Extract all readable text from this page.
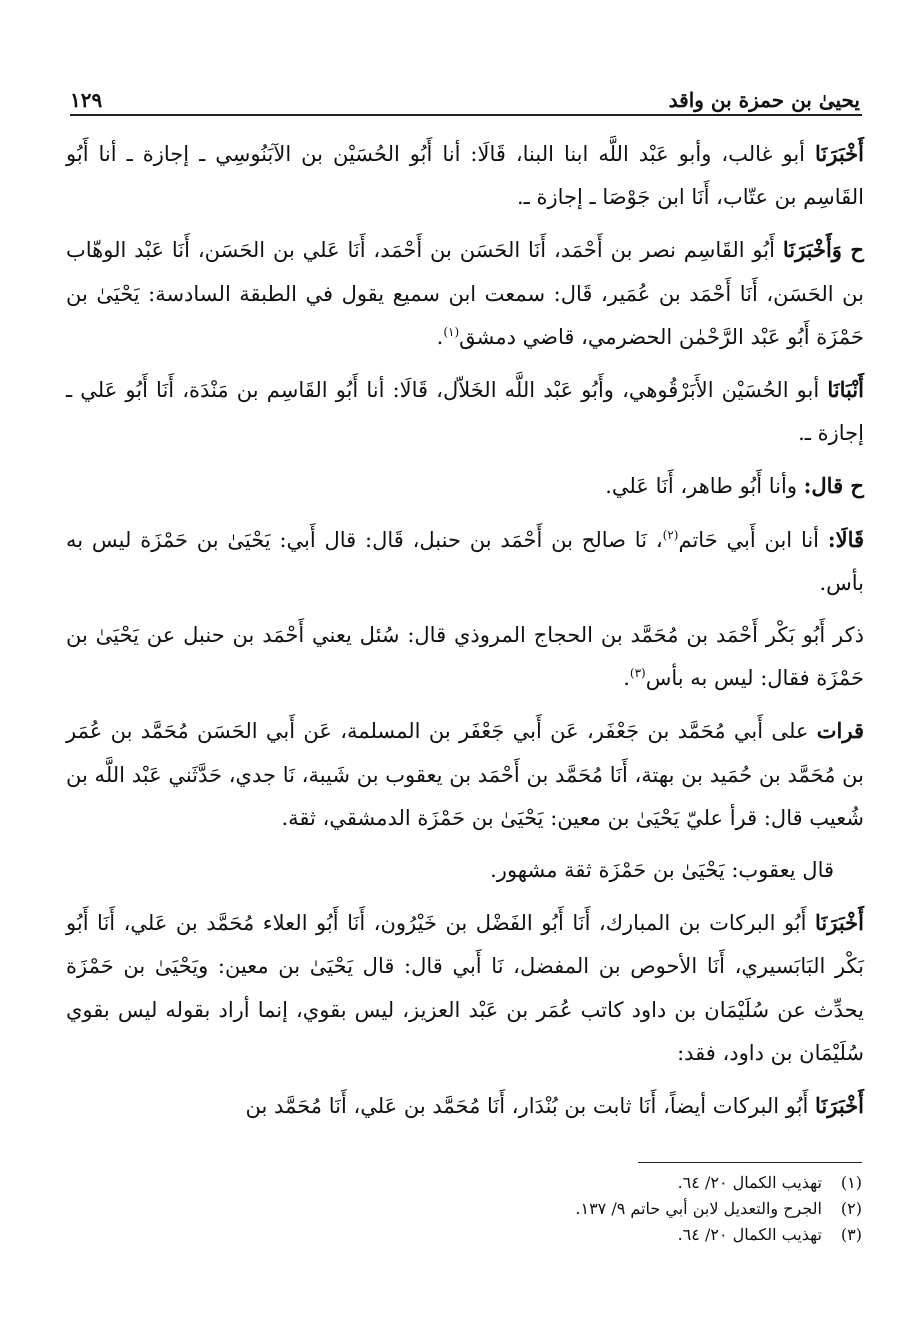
يحيىٰ بن حمزة بن واقد
١٢٩

أَخْبَرَنَا أبو غالب، وأبو عَبْد اللَّه ابنا البنا، قَالَا: أنا أَبُو الحُسَيْن بن الآبَنُوسِي ـ إجازة ـ أنا أَبُو القَاسِم بن عتّاب، أَنَا ابن جَوْصَا ـ إجازة ـ.

ح وَأَخْبَرَنَا أَبُو القَاسِم نصر بن أَحْمَد، أَنَا الحَسَن بن أَحْمَد، أَنَا عَلي بن الحَسَن، أَنَا عَبْد الوهّاب بن الحَسَن، أَنَا أَحْمَد بن عُمَير، قَال: سمعت ابن سميع يقول في الطبقة السادسة: يَحْيَىٰ بن حَمْزَة أَبُو عَبْد الرَّحْمٰن الحضرمي، قاضي دمشق$^{(١)}$.

أَنْبَانَا أبو الحُسَيْن الأَبَرْقُوهي، وأَبُو عَبْد اللَّه الخَلاّل، قَالَا: أنا أَبُو القَاسِم بن مَنْدَة، أَنَا أَبُو عَلي ـ إجازة ـ.

ح قال: وأنا أَبُو طاهر، أَنَا عَلي.

قَالَا: أنا ابن أَبي حَاتم$^{(٢)}$، نَا صالح بن أَحْمَد بن حنبل، قَال: قال أَبي: يَحْيَىٰ بن حَمْزَة ليس به بأس.

ذكر أَبُو بَكْر أَحْمَد بن مُحَمَّد بن الحجاج المروذي قال: سُئل يعني أَحْمَد بن حنبل عن يَحْيَىٰ بن حَمْزَة فقال: ليس به بأس$^{(٣)}$.

قرات على أَبي مُحَمَّد بن جَعْفَر، عَن أَبي جَعْفَر بن المسلمة، عَن أَبي الحَسَن مُحَمَّد بن عُمَر بن مُحَمَّد بن حُمَيد بن بهتة، أَنَا مُحَمَّد بن أَحْمَد بن يعقوب بن شَيبة، نَا جدي، حَدَّثَني عَبْد اللَّه بن شُعيب قال: قرأ عليّ يَحْيَىٰ بن معين: يَحْيَىٰ بن حَمْزَة الدمشقي، ثقة.

قال يعقوب: يَحْيَىٰ بن حَمْزَة ثقة مشهور.

أَخْبَرَنَا أَبُو البركات بن المبارك، أَنَا أَبُو الفَضْل بن خَيْرُون، أَنَا أَبُو العلاء مُحَمَّد بن عَلي، أَنَا أَبُو بَكْر البَابَسيري، أَنَا الأحوص بن المفضل، نَا أَبي قال: قال يَحْيَىٰ بن معين: ويَحْيَىٰ بن حَمْزَة يحدِّث عن سُلَيْمَان بن داود كاتب عُمَر بن عَبْد العزيز، ليس بقوي، إنما أراد بقوله ليس بقوي سُلَيْمَان بن داود، فقد:

أَخْبَرَنَا أَبُو البركات أيضاً، أَنَا ثابت بن بُنْدَار، أَنَا مُحَمَّد بن عَلي، أَنَا مُحَمَّد بن

(١)
تهذيب الكمال ٢٠/ ٦٤.
(٢)
الجرح والتعديل لابن أبي حاتم ٩/ ١٣٧.
(٣)
تهذيب الكمال ٢٠/ ٦٤.
